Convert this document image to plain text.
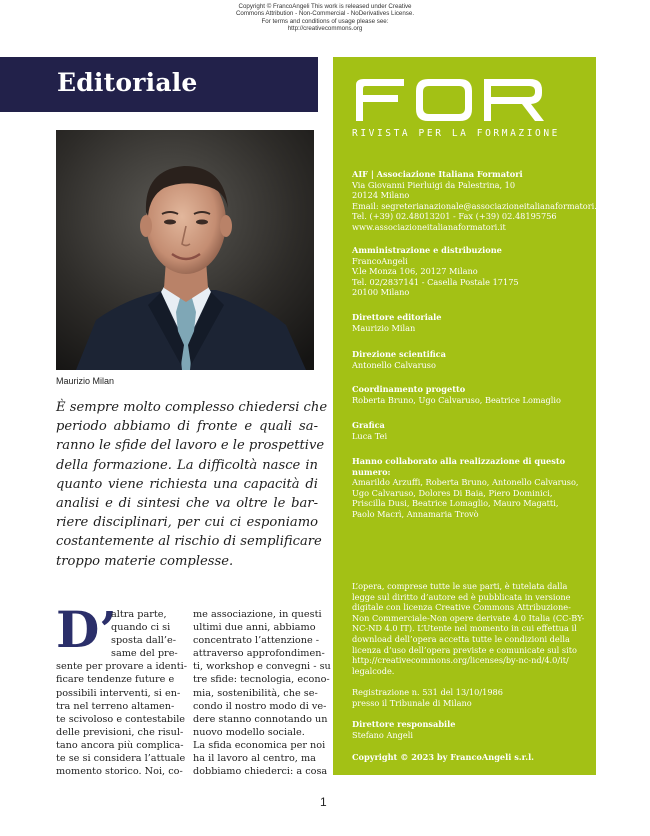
Copyright © FrancoAngeli This work is released under Creative
Commons Attribution - Non-Commercial - NoDerivatives License.
For terms and conditions of usage please see:
http://creativecommons.org
Editoriale
Maurizio Milan
È sempre molto complesso chiedersi che
periodo abbiamo di fronte e quali sa-
ranno le sfide del lavoro e le prospettive
della formazione. La difficoltà nasce in
quanto viene richiesta una capacità di
analisi e di sintesi che va oltre le bar-
riere disciplinari, per cui ci esponiamo
costantemente al rischio di semplificare
troppo materie complesse.
D’
altra parte,
quando ci si
sposta dall’e-
same del pre-
sente per provare a identi-
ficare tendenze future e
possibili interventi, si en-
tra nel terreno altamen-
te scivoloso e contestabile
delle previsioni, che risul-
tano ancora più complica-
te se si considera l’attuale
momento storico. Noi, co-
me associazione, in questi
ultimi due anni, abbiamo
concentrato l’attenzione -
attraverso approfondimen-
ti, workshop e convegni - su
tre sfide: tecnologia, econo-
mia, sostenibilità, che se-
condo il nostro modo di ve-
dere stanno connotando un
nuovo modello sociale.
La sfida economica per noi
ha il lavoro al centro, ma
dobbiamo chiederci: a cosa
RIVISTA PER LA FORMAZIONE
AIF | Associazione Italiana Formatori
Via Giovanni Pierluigi da Palestrina, 10
20124 Milano
Email: segreterianazionale@associazioneitalianaformatori.it
Tel. (+39) 02.48013201 - Fax (+39) 02.48195756
www.associazioneitalianaformatori.it
Amministrazione e distribuzione
FrancoAngeli
V.le Monza 106, 20127 Milano
Tel. 02/2837141 - Casella Postale 17175
20100 Milano
Direttore editoriale
Maurizio Milan
Direzione scientifica
Antonello Calvaruso
Coordinamento progetto
Roberta Bruno, Ugo Calvaruso, Beatrice Lomaglio
Grafica
Luca Tei
Hanno collaborato alla realizzazione di questo
numero:
Amarildo Arzuffi, Roberta Bruno, Antonello Calvaruso,
Ugo Calvaruso, Dolores Di Baia, Piero Dominici,
Priscilla Dusi, Beatrice Lomaglio, Mauro Magatti,
Paolo Macrì, Annamaria Trovò
L’opera, comprese tutte le sue parti, è tutelata dalla
legge sul diritto d’autore ed è pubblicata in versione
digitale con licenza Creative Commons Attribuzione-
Non Commerciale-Non opere derivate 4.0 Italia (CC-BY-
NC-ND 4.0 IT). L’Utente nel momento in cui effettua il
download dell’opera accetta tutte le condizioni della
licenza d’uso dell’opera previste e comunicate sul sito
http://creativecommons.org/licenses/by-nc-nd/4.0/it/
legalcode.
Registrazione n. 531 del 13/10/1986
presso il Tribunale di Milano
Direttore responsabile
Stefano Angeli
Copyright © 2023 by FrancoAngeli s.r.l.
1
